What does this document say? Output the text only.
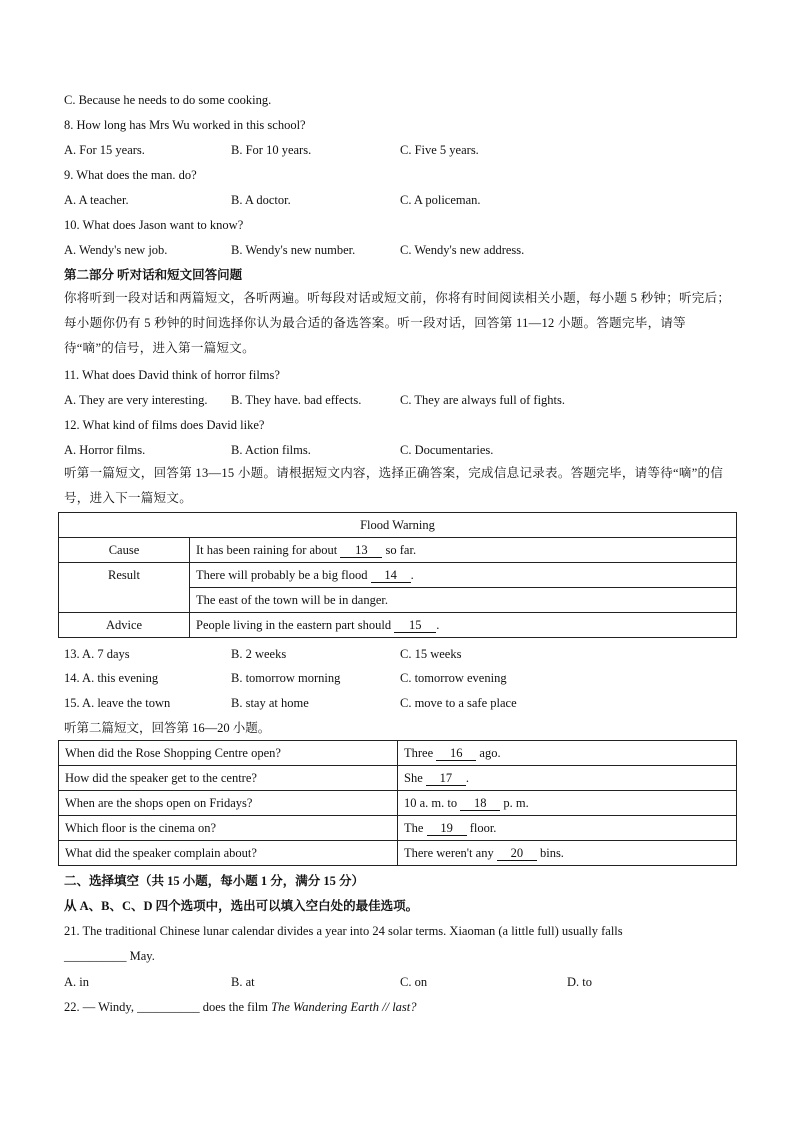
C. Because he needs to do some cooking.
8. How long has Mrs Wu worked in this school?
A. For 15 years.	B. For 10 years.	C. Five 5 years.
9. What does the man. do?
A. A teacher.	B. A doctor.	C. A policeman.
10. What does Jason want to know?
A. Wendy's new job.	B. Wendy's new number.	C. Wendy's new address.
第二部分 听对话和短文回答问题
你将听到一段对话和两篇短文，各听两遍。听每段对话或短文前，你将有时间阅读相关小题，每小题 5 秒钟；听完后；每小题你仍有 5 秒钟的时间选择你认为最合适的备选答案。听一段对话，回答第 11—12 小题。答题完毕，请等待“嘀”的信号，进入第一篇短文。
11. What does David think of horror films?
A. They are very interesting. B. They have. bad effects.	C. They are always full of fights.
12. What kind of films does David like?
A. Horror films.	B. Action films.	C. Documentaries.
听第一篇短文，回答第 13—15 小题。请根据短文内容，选择正确答案，完成信息记录表。答题完毕，请等待“嘀”的信号，进入下一篇短文。
Flood Warning	
Cause	It has been raining for about 13 so far.
Result	There will probably be a big flood 14 .
	The east of the town will be in danger.
Advice	People living in the eastern part should 15 .
13. A. 7 days	B. 2 weeks	C. 15 weeks
14. A. this evening	B. tomorrow morning	C. tomorrow evening
15. A. leave the town	B. stay at home	C. move to a safe place
听第二篇短文，回答第 16—20 小题。
When did the Rose Shopping Centre open?	Three 16 ago.
How did the speaker get to the centre?	She 17 .
When are the shops open on Fridays?	10 a. m. to 18 p. m.
Which floor is the cinema on?	The 19 floor.
What did the speaker complain about?	There weren't any 20 bins.
二、选择填空（共 15 小题，每小题 1 分，满分 15 分）
从 A、B、C、D 四个选项中，选出可以填入空白处的最佳选项。
21. The traditional Chinese lunar calendar divides a year into 24 solar terms. Xiaoman (a little full) usually falls
__________ May.
A. in	B. at	C. on	D. to
22. — Windy, __________ does the film The Wandering Earth // last?
